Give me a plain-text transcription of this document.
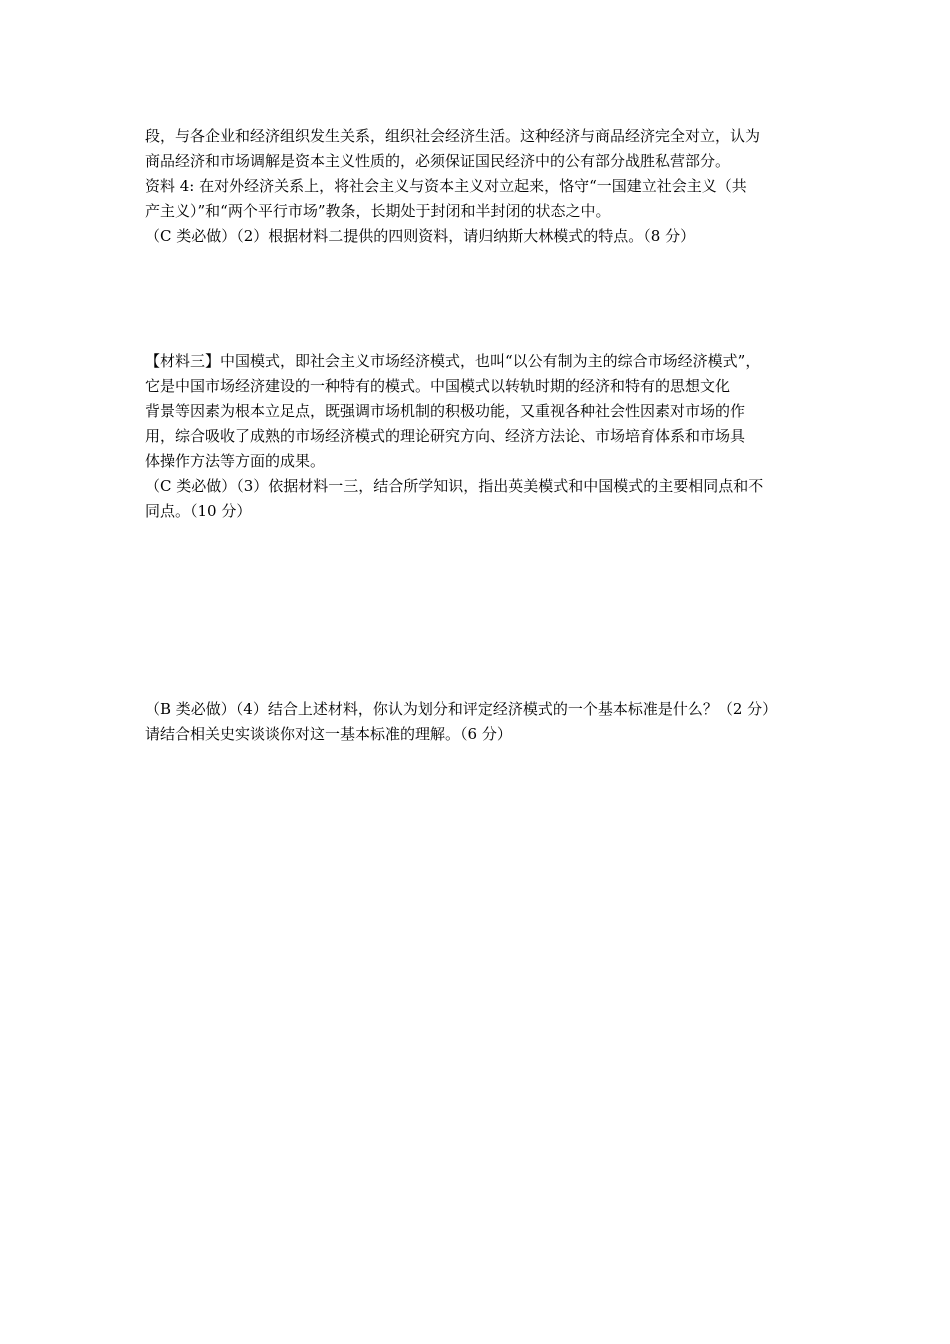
段，与各企业和经济组织发生关系，组织社会经济生活。这种经济与商品经济完全对立，认为
商品经济和市场调解是资本主义性质的，必须保证国民经济中的公有部分战胜私营部分。
资料 4: 在对外经济关系上，将社会主义与资本主义对立起来，恪守“一国建立社会主义（共
产主义）”和“两个平行市场”教条，长期处于封闭和半封闭的状态之中。
（C 类必做）（2）根据材料二提供的四则资料，请归纳斯大林模式的特点。（8 分）
【材料三】中国模式，即社会主义市场经济模式，也叫“以公有制为主的综合市场经济模式”，
它是中国市场经济建设的一种特有的模式。中国模式以转轨时期的经济和特有的思想文化
背景等因素为根本立足点，既强调市场机制的积极功能，又重视各种社会性因素对市场的作
用，综合吸收了成熟的市场经济模式的理论研究方向、经济方法论、市场培育体系和市场具
体操作方法等方面的成果。
（C 类必做）（3）依据材料一三，结合所学知识，指出英美模式和中国模式的主要相同点和不
同点。（10 分）
（B 类必做）（4）结合上述材料，你认为划分和评定经济模式的一个基本标准是什么？（2 分）
请结合相关史实谈谈你对这一基本标准的理解。（6 分）
